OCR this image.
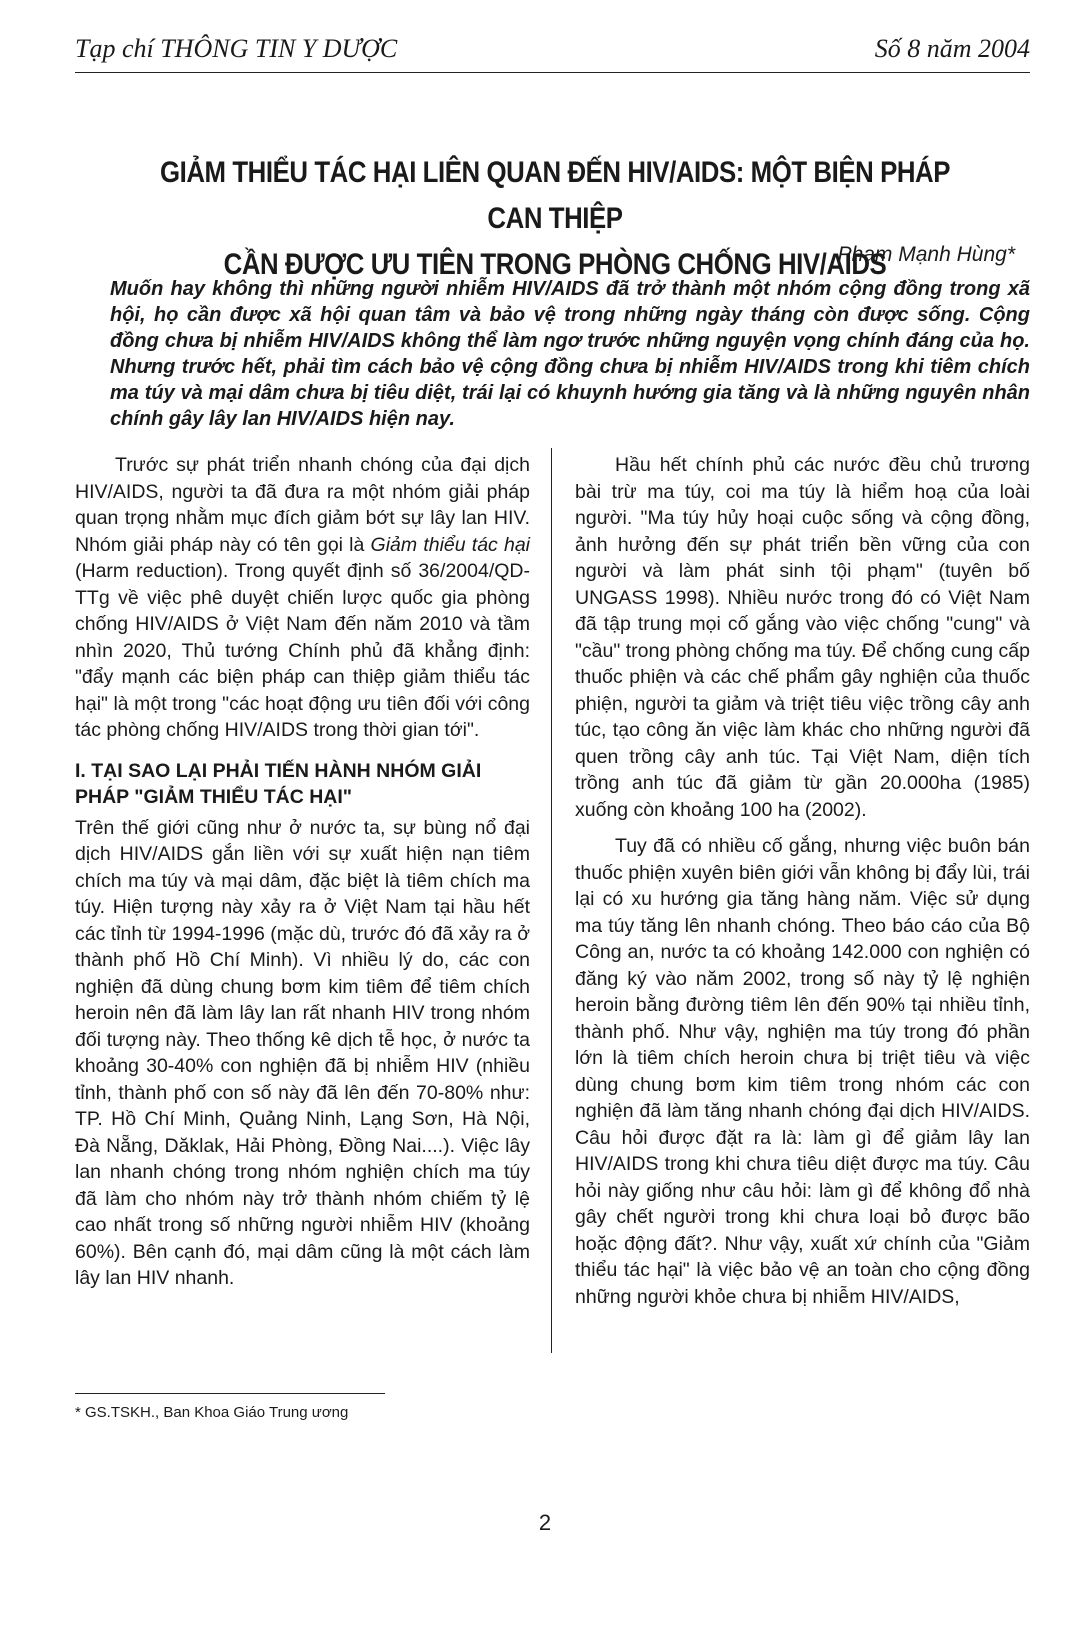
Tạp chí THÔNG TIN Y DƯỢC	Số 8 năm 2004
GIẢM THIỂU TÁC HẠI LIÊN QUAN ĐẾN HIV/AIDS: MỘT BIỆN PHÁP CAN THIỆP
CẦN ĐƯỢC ƯU TIÊN TRONG PHÒNG CHỐNG HIV/AIDS
Phạm Mạnh Hùng*

Muốn hay không thì những người nhiễm HIV/AIDS đã trở thành một nhóm cộng đồng trong xã hội, họ cần được xã hội quan tâm và bảo vệ trong những ngày tháng còn được sống. Cộng đồng chưa bị nhiễm HIV/AIDS không thể làm ngơ trước những nguyện vọng chính đáng của họ. Nhưng trước hết, phải tìm cách bảo vệ cộng đồng chưa bị nhiễm HIV/AIDS trong khi tiêm chích ma túy và mại dâm chưa bị tiêu diệt, trái lại có khuynh hướng gia tăng và là những nguyên nhân chính gây lây lan HIV/AIDS hiện nay.

Trước sự phát triển nhanh chóng của đại dịch HIV/AIDS, người ta đã đưa ra một nhóm giải pháp quan trọng nhằm mục đích giảm bớt sự lây lan HIV. Nhóm giải pháp này có tên gọi là Giảm thiểu tác hại (Harm reduction). Trong quyết định số 36/2004/QD-TTg về việc phê duyệt chiến lược quốc gia phòng chống HIV/AIDS ở Việt Nam đến năm 2010 và tầm nhìn 2020, Thủ tướng Chính phủ đã khẳng định: "đẩy mạnh các biện pháp can thiệp giảm thiểu tác hại" là một trong "các hoạt động ưu tiên đối với công tác phòng chống HIV/AIDS trong thời gian tới".

I. TẠI SAO LẠI PHẢI TIẾN HÀNH NHÓM GIẢI PHÁP "GIẢM THIỂU TÁC HẠI"

Trên thế giới cũng như ở nước ta, sự bùng nổ đại dịch HIV/AIDS gắn liền với sự xuất hiện nạn tiêm chích ma túy và mại dâm, đặc biệt là tiêm chích ma túy. Hiện tượng này xảy ra ở Việt Nam tại hầu hết các tỉnh từ 1994-1996 (mặc dù, trước đó đã xảy ra ở thành phố Hồ Chí Minh). Vì nhiều lý do, các con nghiện đã dùng chung bơm kim tiêm để tiêm chích heroin nên đã làm lây lan rất nhanh HIV trong nhóm đối tượng này. Theo thống kê dịch tễ học, ở nước ta khoảng 30-40% con nghiện đã bị nhiễm HIV (nhiều tỉnh, thành phố con số này đã lên đến 70-80% như: TP. Hồ Chí Minh, Quảng Ninh, Lạng Sơn, Hà Nội, Đà Nẵng, Dăklak, Hải Phòng, Đồng Nai....). Việc lây lan nhanh chóng trong nhóm nghiện chích ma túy đã làm cho nhóm này trở thành nhóm chiếm tỷ lệ cao nhất trong số những người nhiễm HIV (khoảng 60%). Bên cạnh đó, mại dâm cũng là một cách làm lây lan HIV nhanh.

Hầu hết chính phủ các nước đều chủ trương bài trừ ma túy, coi ma túy là hiểm hoạ của loài người. "Ma túy hủy hoại cuộc sống và cộng đồng, ảnh hưởng đến sự phát triển bền vững của con người và làm phát sinh tội phạm" (tuyên bố UNGASS 1998). Nhiều nước trong đó có Việt Nam đã tập trung mọi cố gắng vào việc chống "cung" và "cầu" trong phòng chống ma túy. Để chống cung cấp thuốc phiện và các chế phẩm gây nghiện của thuốc phiện, người ta giảm và triệt tiêu việc trồng cây anh túc, tạo công ăn việc làm khác cho những người đã quen trồng cây anh túc. Tại Việt Nam, diện tích trồng anh túc đã giảm từ gần 20.000ha (1985) xuống còn khoảng 100 ha (2002).

Tuy đã có nhiều cố gắng, nhưng việc buôn bán thuốc phiện xuyên biên giới vẫn không bị đẩy lùi, trái lại có xu hướng gia tăng hàng năm. Việc sử dụng ma túy tăng lên nhanh chóng. Theo báo cáo của Bộ Công an, nước ta có khoảng 142.000 con nghiện có đăng ký vào năm 2002, trong số này tỷ lệ nghiện heroin bằng đường tiêm lên đến 90% tại nhiều tỉnh, thành phố. Như vậy, nghiện ma túy trong đó phần lớn là tiêm chích heroin chưa bị triệt tiêu và việc dùng chung bơm kim tiêm trong nhóm các con nghiện đã làm tăng nhanh chóng đại dịch HIV/AIDS. Câu hỏi được đặt ra là: làm gì để giảm lây lan HIV/AIDS trong khi chưa tiêu diệt được ma túy. Câu hỏi này giống như câu hỏi: làm gì để không đổ nhà gây chết người trong khi chưa loại bỏ được bão hoặc động đất?. Như vậy, xuất xứ chính của "Giảm thiểu tác hại" là việc bảo vệ an toàn cho cộng đồng những người khỏe chưa bị nhiễm HIV/AIDS,

* GS.TSKH., Ban Khoa Giáo Trung ương
2
